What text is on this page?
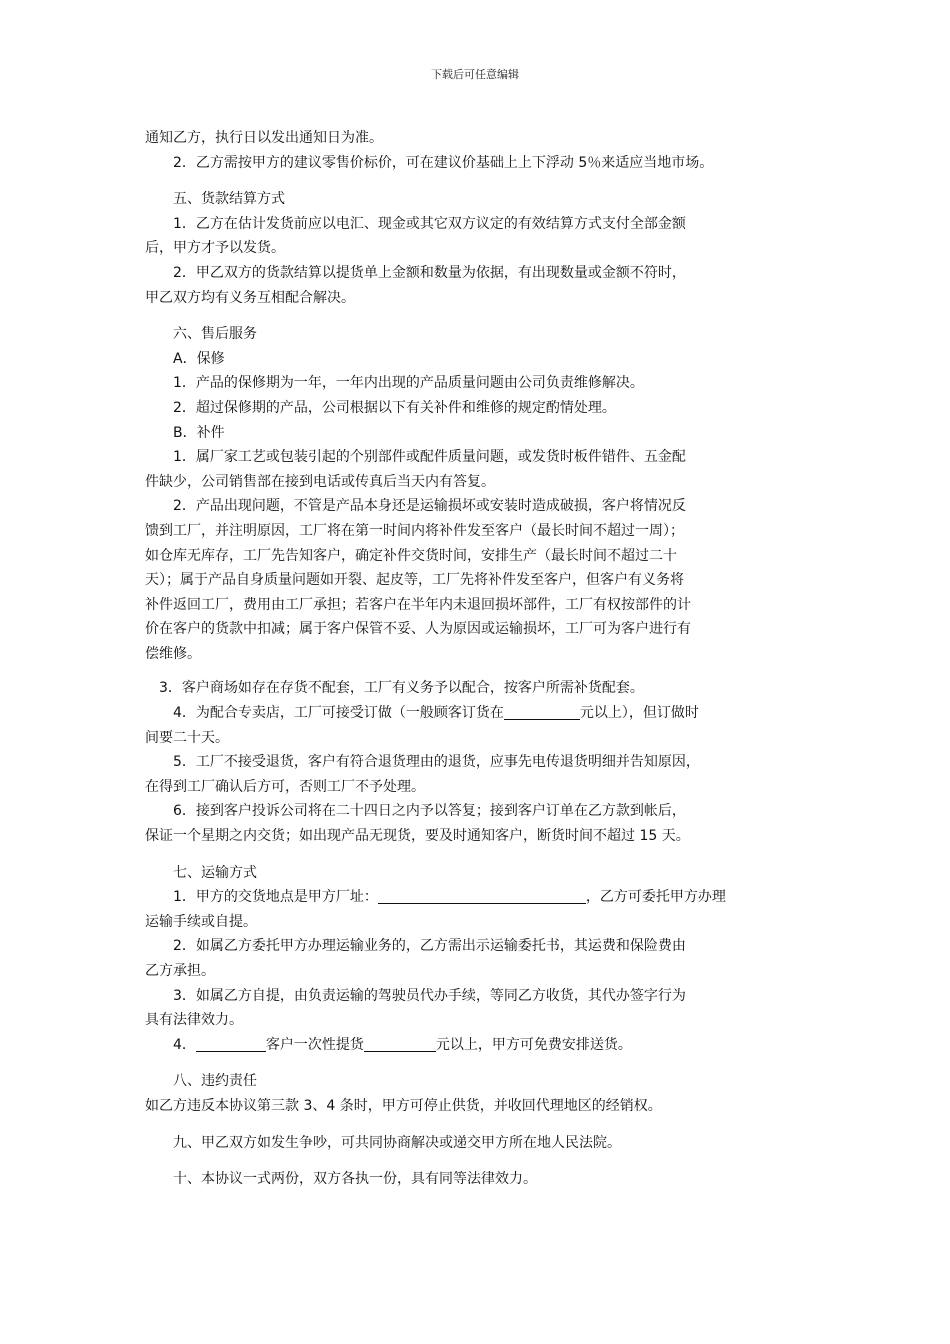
下载后可任意编辑

通知乙方，执行日以发出通知日为准。

2．乙方需按甲方的建议零售价标价，可在建议价基础上上下浮动 5％来适应当地市场。

五、货款结算方式

1．乙方在估计发货前应以电汇、现金或其它双方议定的有效结算方式支付全部金额

后，甲方才予以发货。

2．甲乙双方的货款结算以提货单上金额和数量为依据，有出现数量或金额不符时，

甲乙双方均有义务互相配合解决。

六、售后服务

A．保修

1．产品的保修期为一年，一年内出现的产品质量问题由公司负责维修解决。

2．超过保修期的产品，公司根据以下有关补件和维修的规定酌情处理。

B．补件

1．属厂家工艺或包装引起的个别部件或配件质量问题，或发货时板件错件、五金配

件缺少，公司销售部在接到电话或传真后当天内有答复。

2．产品出现问题，不管是产品本身还是运输损坏或安装时造成破损，客户将情况反

馈到工厂，并注明原因，工厂将在第一时间内将补件发至客户（最长时间不超过一周）；

如仓库无库存，工厂先告知客户，确定补件交货时间，安排生产（最长时间不超过二十

天）；属于产品自身质量问题如开裂、起皮等，工厂先将补件发至客户，但客户有义务将

补件返回工厂，费用由工厂承担；若客户在半年内未退回损坏部件，工厂有权按部件的计

价在客户的货款中扣减；属于客户保管不妥、人为原因或运输损坏，工厂可为客户进行有

偿维修。

3．客户商场如存在存货不配套，工厂有义务予以配合，按客户所需补货配套。

4．为配合专卖店，工厂可接受订做（一般顾客订货在	元以上），但订做时

间要二十天。

5．工厂不接受退货，客户有符合退货理由的退货，应事先电传退货明细并告知原因，

在得到工厂确认后方可，否则工厂不予处理。

6．接到客户投诉公司将在二十四日之内予以答复；接到客户订单在乙方款到帐后，

保证一个星期之内交货；如出现产品无现货，要及时通知客户，断货时间不超过 15 天。

七、运输方式

1．甲方的交货地点是甲方厂址：	，乙方可委托甲方办理

运输手续或自提。

2．如属乙方委托甲方办理运输业务的，乙方需出示运输委托书，其运费和保险费由

乙方承担。

3．如属乙方自提，由负责运输的驾驶员代办手续，等同乙方收货，其代办签字行为

具有法律效力。

4．	客户一次性提货	元以上，甲方可免费安排送货。

八、违约责任

如乙方违反本协议第三款 3、4 条时，甲方可停止供货，并收回代理地区的经销权。

九、甲乙双方如发生争吵，可共同协商解决或递交甲方所在地人民法院。

十、本协议一式两份，双方各执一份，具有同等法律效力。
